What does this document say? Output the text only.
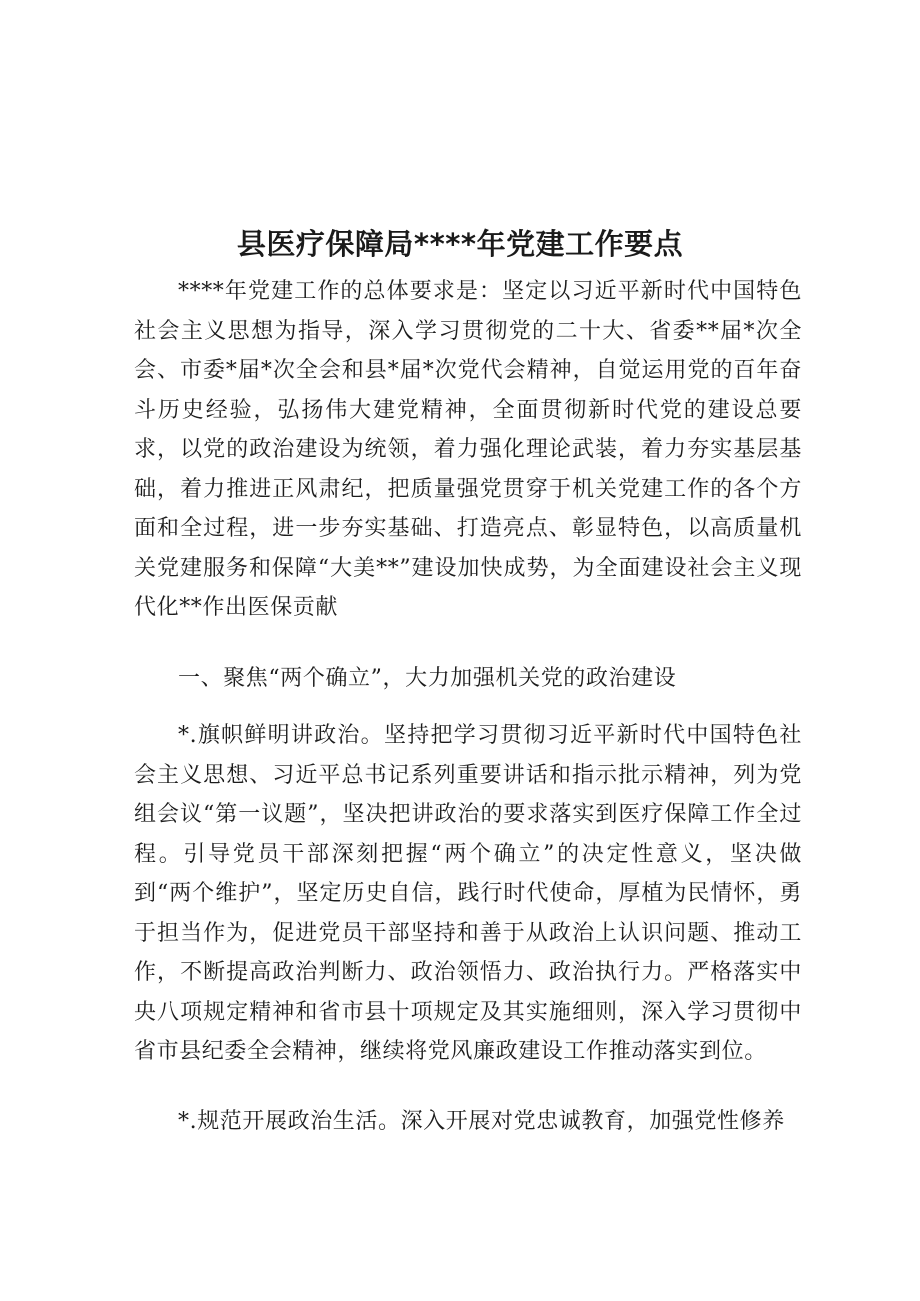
县医疗保障局****年党建工作要点

****年党建工作的总体要求是：坚定以习近平新时代中国特色社会主义思想为指导，深入学习贯彻党的二十大、省委**届*次全会、市委*届*次全会和县*届*次党代会精神，自觉运用党的百年奋斗历史经验，弘扬伟大建党精神，全面贯彻新时代党的建设总要求，以党的政治建设为统领，着力强化理论武装，着力夯实基层基础，着力推进正风肃纪，把质量强党贯穿于机关党建工作的各个方面和全过程，进一步夯实基础、打造亮点、彰显特色，以高质量机关党建服务和保障“大美**”建设加快成势，为全面建设社会主义现代化**作出医保贡献

一、聚焦“两个确立”，大力加强机关党的政治建设

*.旗帜鲜明讲政治。坚持把学习贯彻习近平新时代中国特色社会主义思想、习近平总书记系列重要讲话和指示批示精神，列为党组会议“第一议题”，坚决把讲政治的要求落实到医疗保障工作全过程。引导党员干部深刻把握“两个确立”的决定性意义，坚决做到“两个维护”，坚定历史自信，践行时代使命，厚植为民情怀，勇于担当作为，促进党员干部坚持和善于从政治上认识问题、推动工作，不断提高政治判断力、政治领悟力、政治执行力。严格落实中央八项规定精神和省市县十项规定及其实施细则，深入学习贯彻中省市县纪委全会精神，继续将党风廉政建设工作推动落实到位。

*.规范开展政治生活。深入开展对党忠诚教育，加强党性修养
